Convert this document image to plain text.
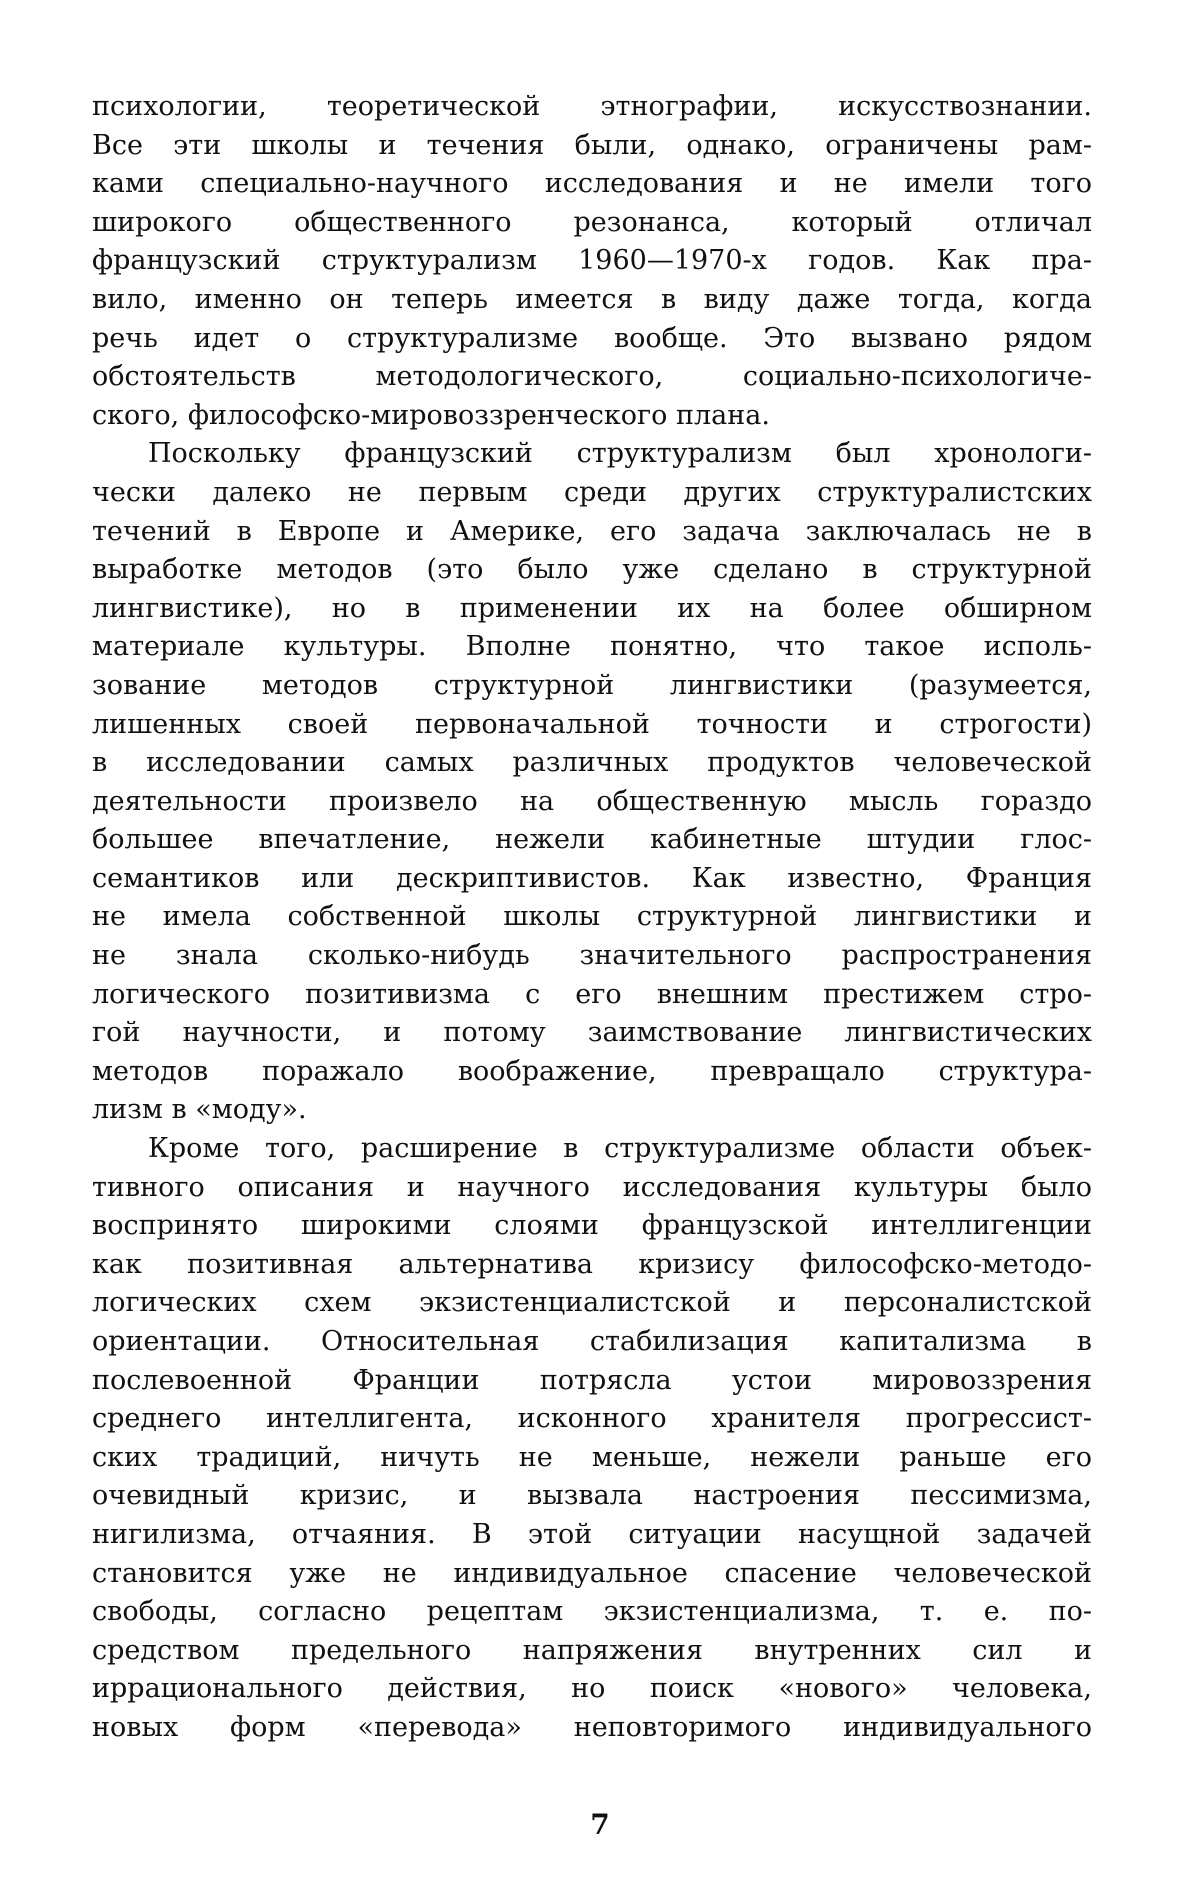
психологии, теоретической этнографии, искусствознании.
Все эти школы и течения были, однако, ограничены рам-
ками специально-научного исследования и не имели того
широкого общественного резонанса, который отличал
французский структурализм 1960—1970-х годов. Как пра-
вило, именно он теперь имеется в виду даже тогда, когда
речь идет о структурализме вообще. Это вызвано рядом
обстоятельств методологического, социально-психологиче-
ского, философско-мировоззренческого плана.
Поскольку французский структурализм был хронологи-
чески далеко не первым среди других структуралистских
течений в Европе и Америке, его задача заключалась не в
выработке методов (это было уже сделано в структурной
лингвистике), но в применении их на более обширном
материале культуры. Вполне понятно, что такое исполь-
зование методов структурной лингвистики (разумеется,
лишенных своей первоначальной точности и строгости)
в исследовании самых различных продуктов человеческой
деятельности произвело на общественную мысль гораздо
большее впечатление, нежели кабинетные штудии глос-
семантиков или дескриптивистов. Как известно, Франция
не имела собственной школы структурной лингвистики и
не знала сколько-нибудь значительного распространения
логического позитивизма с его внешним престижем стро-
гой научности, и потому заимствование лингвистических
методов поражало воображение, превращало структура-
лизм в «моду».
Кроме того, расширение в структурализме области объек-
тивного описания и научного исследования культуры было
воспринято широкими слоями французской интеллигенции
как позитивная альтернатива кризису философско-методо-
логических схем экзистенциалистской и персоналистской
ориентации. Относительная стабилизация капитализма в
послевоенной Франции потрясла устои мировоззрения
среднего интеллигента, исконного хранителя прогрессист-
ских традиций, ничуть не меньше, нежели раньше его
очевидный кризис, и вызвала настроения пессимизма,
нигилизма, отчаяния. В этой ситуации насущной задачей
становится уже не индивидуальное спасение человеческой
свободы, согласно рецептам экзистенциализма, т. е. по-
средством предельного напряжения внутренних сил и
иррационального действия, но поиск «нового» человека,
новых форм «перевода» неповторимого индивидуального
7
